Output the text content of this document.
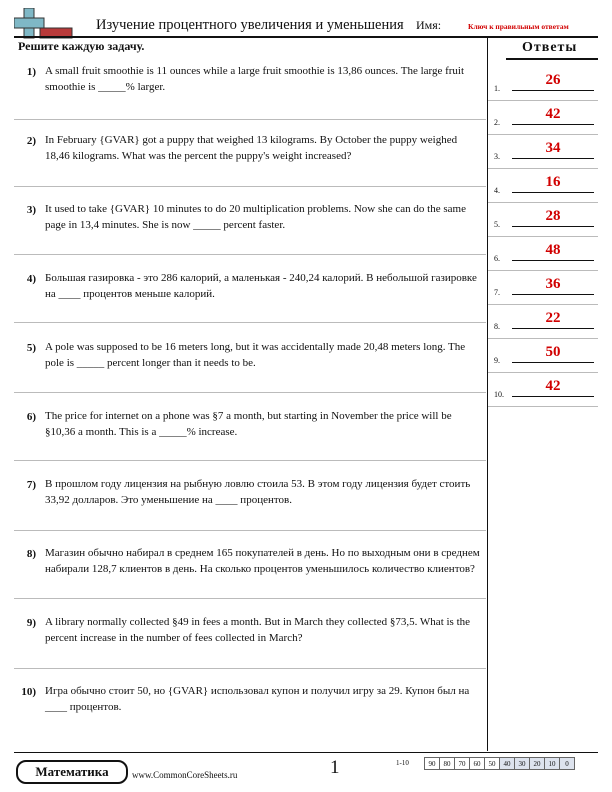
Изучение процентного увеличения и уменьшения Имя:	Ключ к правильным ответам
Решите каждую задачу.
1) A small fruit smoothie is 11 ounces while a large fruit smoothie is 13,86 ounces. The large fruit smoothie is _____% larger.
2) In February {GVAR} got a puppy that weighed 13 kilograms. By October the puppy weighed 18,46 kilograms. What was the percent the puppy's weight increased?
3) It used to take {GVAR} 10 minutes to do 20 multiplication problems. Now she can do the same page in 13,4 minutes. She is now _____ percent faster.
4) Большая газировка - это 286 калорий, а маленькая - 240,24 калорий. В небольшой газировке на ____ процентов меньше калорий.
5) A pole was supposed to be 16 meters long, but it was accidentally made 20,48 meters long. The pole is _____ percent longer than it needs to be.
6) The price for internet on a phone was §7 a month, but starting in November the price will be §10,36 a month. This is a _____% increase.
7) В прошлом году лицензия на рыбную ловлю стоила 53. В этом году лицензия будет стоить 33,92 долларов. Это уменьшение на ____ процентов.
8) Магазин обычно набирал в среднем 165 покупателей в день. Но по выходным они в среднем набирали 128,7 клиентов в день. На сколько процентов уменьшилось количество клиентов?
9) A library normally collected §49 in fees a month. But in March they collected §73,5. What is the percent increase in the number of fees collected in March?
10) Игра обычно стоит 50, но {GVAR} использовал купон и получил игру за 29. Купон был на ____ процентов.
Ответы
1.
26
2.
42
3.
34
4.
16
5.
28
6.
48
7.
36
8.
22
9.
50
10.
42
Математика	www.CommonCoreSheets.ru	1	1-10	90	80	70	60	50	40	30	20	10	0
